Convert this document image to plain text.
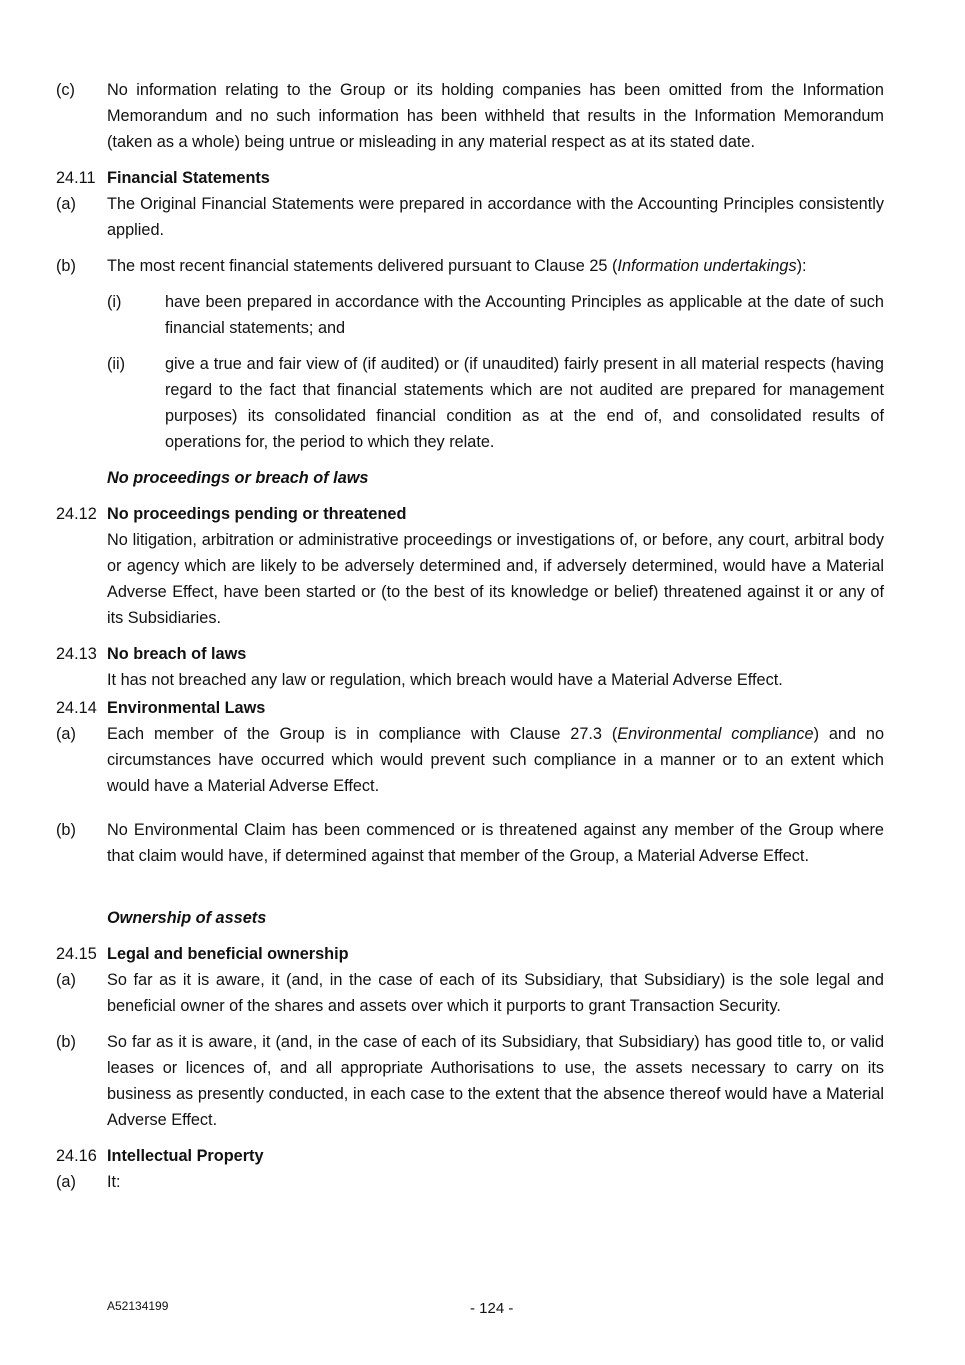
(c) No information relating to the Group or its holding companies has been omitted from the Information Memorandum and no such information has been withheld that results in the Information Memorandum (taken as a whole) being untrue or misleading in any material respect as at its stated date.
24.11 Financial Statements
(a) The Original Financial Statements were prepared in accordance with the Accounting Principles consistently applied.
(b) The most recent financial statements delivered pursuant to Clause 25 (Information undertakings):
(i)	have been prepared in accordance with the Accounting Principles as applicable at the date of such financial statements; and
(ii) give a true and fair view of (if audited) or (if unaudited) fairly present in all material respects (having regard to the fact that financial statements which are not audited are prepared for management purposes) its consolidated financial condition as at the end of, and consolidated results of operations for, the period to which they relate.
No proceedings or breach of laws
24.12 No proceedings pending or threatened
No litigation, arbitration or administrative proceedings or investigations of, or before, any court, arbitral body or agency which are likely to be adversely determined and, if adversely determined, would have a Material Adverse Effect, have been started or (to the best of its knowledge or belief) threatened against it or any of its Subsidiaries.
24.13 No breach of laws
It has not breached any law or regulation, which breach would have a Material Adverse Effect.
24.14 Environmental Laws
(a) Each member of the Group is in compliance with Clause 27.3 (Environmental compliance) and no circumstances have occurred which would prevent such compliance in a manner or to an extent which would have a Material Adverse Effect.
(b) No Environmental Claim has been commenced or is threatened against any member of the Group where that claim would have, if determined against that member of the Group, a Material Adverse Effect.
Ownership of assets
24.15 Legal and beneficial ownership
(a) So far as it is aware, it (and, in the case of each of its Subsidiary, that Subsidiary) is the sole legal and beneficial owner of the shares and assets over which it purports to grant Transaction Security.
(b) So far as it is aware, it (and, in the case of each of its Subsidiary, that Subsidiary) has good title to, or valid leases or licences of, and all appropriate Authorisations to use, the assets necessary to carry on its business as presently conducted, in each case to the extent that the absence thereof would have a Material Adverse Effect.
24.16 Intellectual Property
(a) It:
A52134199	- 124 -
